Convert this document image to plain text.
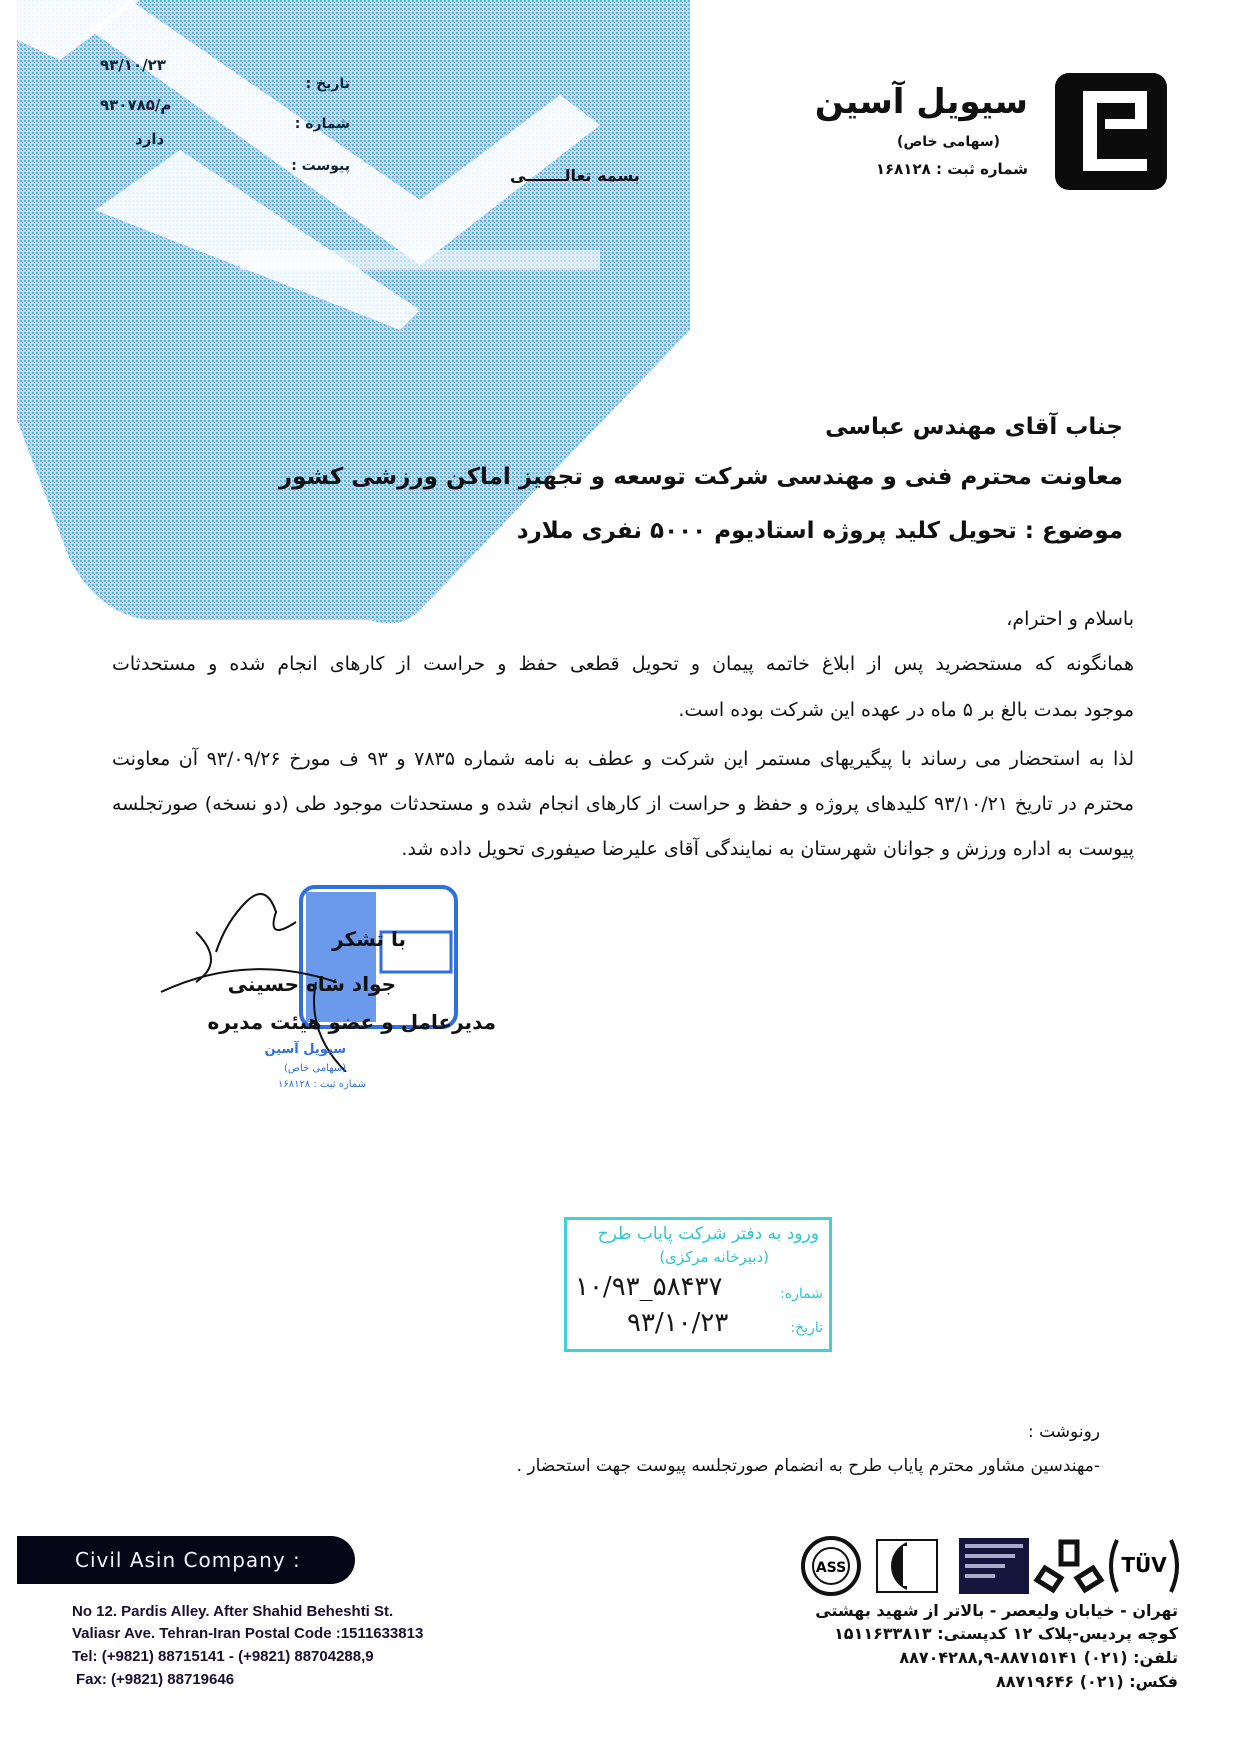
۹۳/۱۰/۲۳
۹۳۰۷۸۵/م
دارد
تاریخ :
شماره :
پیوست :	بسمه تعالـــــــی
سیویل آسین
(سهامی خاص)
شماره ثبت : ۱۶۸۱۲۸
جناب آقای مهندس عباسی
معاونت محترم فنی و مهندسی شرکت توسعه و تجهیز اماکن ورزشی کشور
موضوع : تحویل کلید پروژه استادیوم ۵۰۰۰ نفری ملارد
باسلام و احترام،
همانگونه که مستحضرید پس از ابلاغ خاتمه پیمان و تحویل قطعی حفظ و حراست از کارهای انجام شده و مستحدثات
موجود بمدت بالغ بر ۵ ماه در عهده این شرکت بوده است.
لذا به استحضار می رساند با پیگیریهای مستمر این شرکت و عطف به نامه شماره ۷۸۳۵ و ۹۳ ف مورخ ۹۳/۰۹/۲۶ آن معاونت
محترم در تاریخ ۹۳/۱۰/۲۱ کلیدهای پروژه و حفظ و حراست از کارهای انجام شده و مستحدثات موجود طی (دو نسخه) صورتجلسه
پیوست به اداره ورزش و جوانان شهرستان به نمایندگی آقای علیرضا صیفوری تحویل داده شد.
با تشکر
جواد شاه حسینی
مدیرعامل و عضو هیئت مدیره
سیویل آسین
(سهامی خاص)
شماره ثبت : ۱۶۸۱۲۸
ورود به دفتر شرکت پایاب طرح
(دبیرخانه مرکزی)
شماره:
۱۰/۹۳_۵۸۴۳۷
تاریخ:
۹۳/۱۰/۲۳
رونوشت :
-مهندسین مشاور محترم پایاب طرح به انضمام صورتجلسه پیوست جهت استحضار .
Civil Asin Company :
No 12. Pardis Alley. After Shahid Beheshti St.
Valiasr Ave. Tehran-Iran Postal Code :1511633813
Tel: (+9821) 88715141 - (+9821) 88704288,9
Fax: (+9821) 88719646
ASS	TÜV
تهران - خیابان ولیعصر - بالاتر از شهید بهشتی
کوچه پردیس-پلاک ۱۲ کدپستی: ۱۵۱۱۶۳۳۸۱۳
تلفن: (۰۲۱) ۸۸۷۱۵۱۴۱-۸۸۷۰۴۲۸۸,۹
فکس: (۰۲۱) ۸۸۷۱۹۶۴۶
